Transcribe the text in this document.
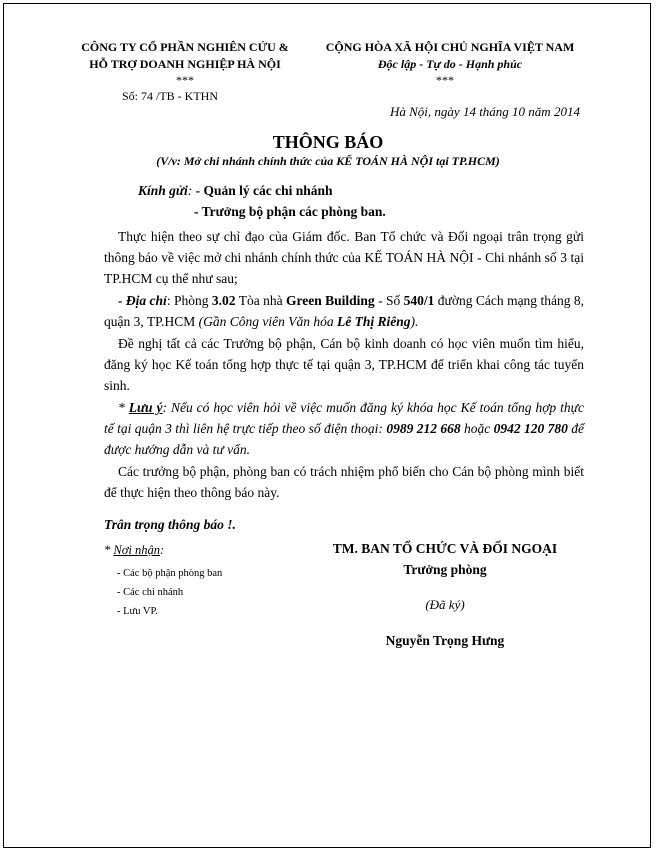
CÔNG TY CỔ PHẦN NGHIÊN CỨU &
HỖ TRỢ DOANH NGHIỆP HÀ NỘI
***
Số: 74 /TB - KTHN
CỘNG HÒA XÃ HỘI CHỦ NGHĨA VIỆT NAM
Độc lập - Tự do - Hạnh phúc
***
Hà Nội, ngày 14 tháng 10 năm 2014
THÔNG BÁO
(V/v: Mở chi nhánh chính thức của KẾ TOÁN HÀ NỘI tại TP.HCM)
Kính gửi: - Quản lý các chi nhánh
- Trưởng bộ phận các phòng ban.
Thực hiện theo sự chỉ đạo của Giám đốc. Ban Tổ chức và Đối ngoại trân trọng gửi thông báo về việc mở chi nhánh chính thức của KẾ TOÁN HÀ NỘI - Chi nhánh số 3 tại TP.HCM cụ thể như sau;
- Địa chỉ: Phòng 3.02 Tòa nhà Green Building - Số 540/1 đường Cách mạng tháng 8, quận 3, TP.HCM (Gần Công viên Văn hóa Lê Thị Riêng).
Đề nghị tất cả các Trưởng bộ phận, Cán bộ kinh doanh có học viên muốn tìm hiểu, đăng ký học Kế toán tổng hợp thực tế tại quận 3, TP.HCM để triển khai công tác tuyển sinh.
* Lưu ý: Nếu có học viên hỏi về việc muốn đăng ký khóa học Kế toán tổng hợp thực tế tại quận 3 thì liên hệ trực tiếp theo số điện thoại: 0989 212 668 hoặc 0942 120 780 để được hướng dẫn và tư vấn.
Các trưởng bộ phận, phòng ban có trách nhiệm phổ biến cho Cán bộ phòng mình biết để thực hiện theo thông báo này.
Trân trọng thông báo !.
* Nơi nhận:
- Các bộ phận phòng ban
- Các chi nhánh
- Lưu VP.
TM. BAN TỔ CHỨC VÀ ĐỐI NGOẠI
Trưởng phòng
(Đã ký)
Nguyễn Trọng Hưng
